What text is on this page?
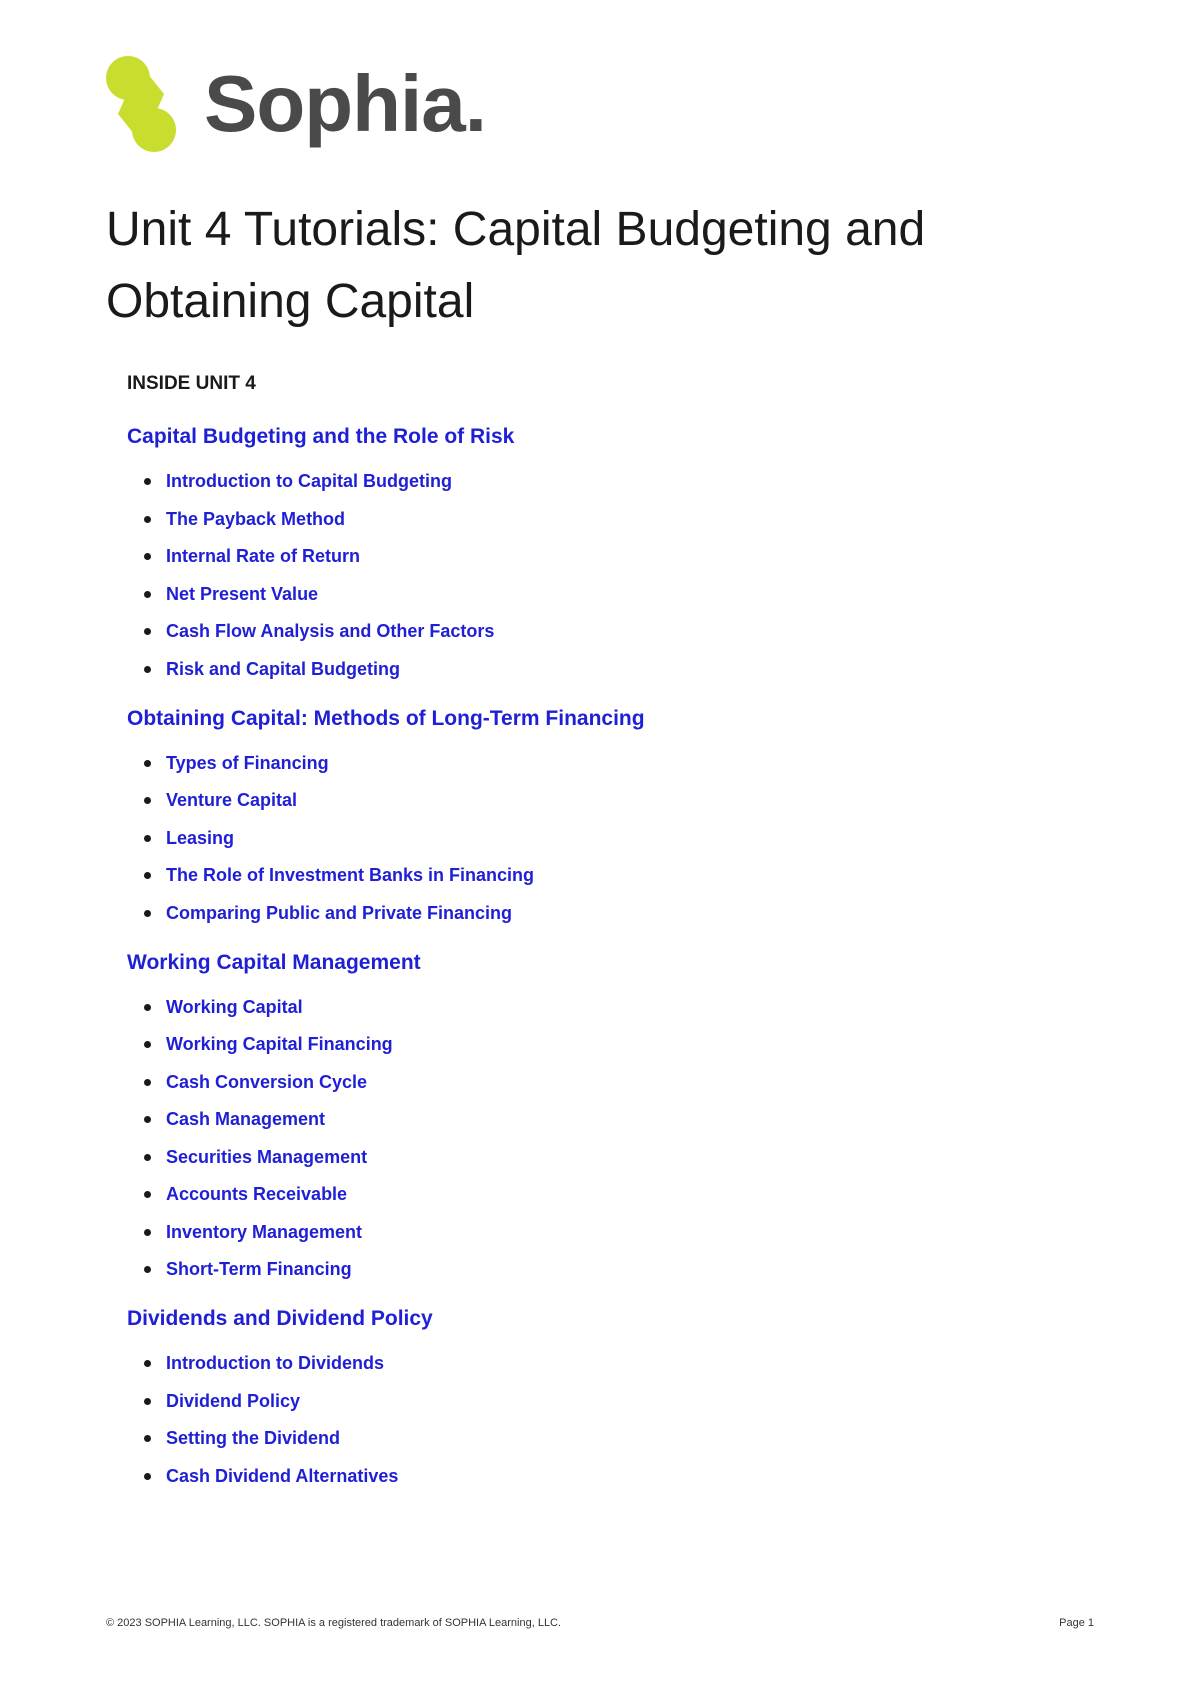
Sophia.
Unit 4 Tutorials: Capital Budgeting and Obtaining Capital
INSIDE UNIT 4
Capital Budgeting and the Role of Risk
Introduction to Capital Budgeting
The Payback Method
Internal Rate of Return
Net Present Value
Cash Flow Analysis and Other Factors
Risk and Capital Budgeting
Obtaining Capital: Methods of Long-Term Financing
Types of Financing
Venture Capital
Leasing
The Role of Investment Banks in Financing
Comparing Public and Private Financing
Working Capital Management
Working Capital
Working Capital Financing
Cash Conversion Cycle
Cash Management
Securities Management
Accounts Receivable
Inventory Management
Short-Term Financing
Dividends and Dividend Policy
Introduction to Dividends
Dividend Policy
Setting the Dividend
Cash Dividend Alternatives
© 2023 SOPHIA Learning, LLC. SOPHIA is a registered trademark of SOPHIA Learning, LLC.	Page 1
